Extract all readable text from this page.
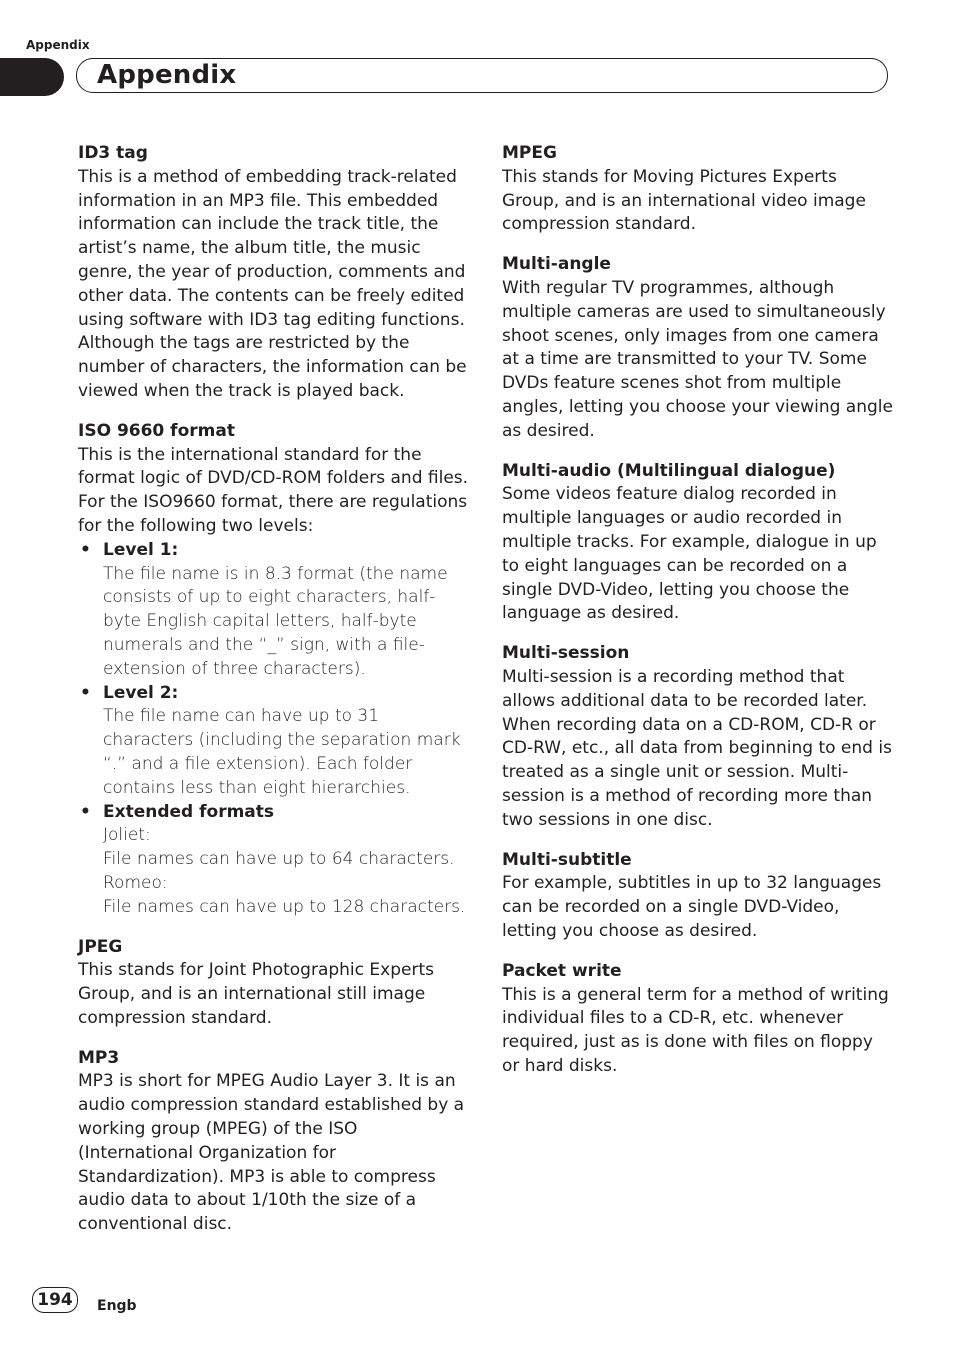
Appendix
Appendix

ID3 tag

This is a method of embedding track-related information in an MP3 file. This embedded information can include the track title, the artist’s name, the album title, the music genre, the year of production, comments and other data. The contents can be freely edited using software with ID3 tag editing functions. Although the tags are restricted by the number of characters, the information can be viewed when the track is played back.

ISO 9660 format

This is the international standard for the format logic of DVD/CD-ROM folders and files. For the ISO9660 format, there are regulations for the following two levels:

• Level 1:

The file name is in 8.3 format (the name consists of up to eight characters, half-byte English capital letters, half-byte numerals and the “_” sign, with a file-extension of three characters).

• Level 2:

The file name can have up to 31 characters (including the separation mark “.” and a file extension). Each folder contains less than eight hierarchies.

• Extended formats
Joliet:
File names can have up to 64 characters.
Romeo:
File names can have up to 128 characters.

JPEG

This stands for Joint Photographic Experts Group, and is an international still image compression standard.

MP3

MP3 is short for MPEG Audio Layer 3. It is an audio compression standard established by a working group (MPEG) of the ISO (International Organization for Standardization). MP3 is able to compress audio data to about 1/10th the size of a conventional disc.

MPEG

This stands for Moving Pictures Experts Group, and is an international video image compression standard.

Multi-angle

With regular TV programmes, although multiple cameras are used to simultaneously shoot scenes, only images from one camera at a time are transmitted to your TV. Some DVDs feature scenes shot from multiple angles, letting you choose your viewing angle as desired.

Multi-audio (Multilingual dialogue)

Some videos feature dialog recorded in multiple languages or audio recorded in multiple tracks. For example, dialogue in up to eight languages can be recorded on a single DVD-Video, letting you choose the language as desired.

Multi-session

Multi-session is a recording method that allows additional data to be recorded later. When recording data on a CD-ROM, CD-R or CD-RW, etc., all data from beginning to end is treated as a single unit or session. Multi-session is a method of recording more than two sessions in one disc.

Multi-subtitle

For example, subtitles in up to 32 languages can be recorded on a single DVD-Video, letting you choose as desired.

Packet write

This is a general term for a method of writing individual files to a CD-R, etc. whenever required, just as is done with files on floppy or hard disks.

194	Engb
